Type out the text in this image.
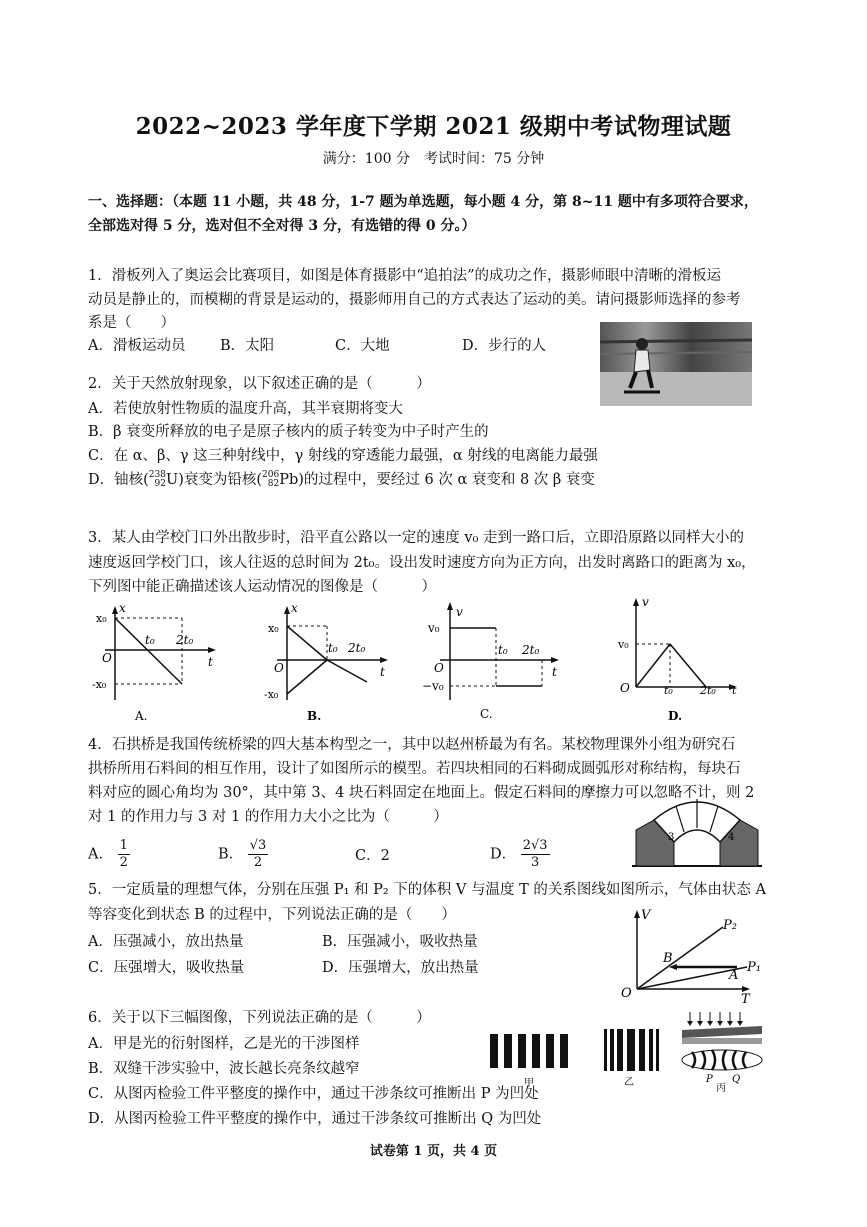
2022~2023 学年度下学期 2021 级期中考试物理试题
满分：100 分　考试时间：75 分钟
一、选择题：（本题 11 小题，共 48 分，1-7 题为单选题，每小题 4 分，第 8~11 题中有多项符合要求，
全部选对得 5 分，选对但不全对得 3 分，有选错的得 0 分。）
1．滑板列入了奥运会比赛项目，如图是体育摄影中“追拍法”的成功之作，摄影师眼中清晰的滑板运
动员是静止的，而模糊的背景是运动的，摄影师用自己的方式表达了运动的美。请问摄影师选择的参考
系是（　　）
A．滑板运动员 B．太阳	C．大地	D．步行的人
2．关于天然放射现象，以下叙述正确的是（　　　）
A．若使放射性物质的温度升高，其半衰期将变大
B．β 衰变所释放的电子是原子核内的质子转变为中子时产生的
C．在 α、β、γ 这三种射线中，γ 射线的穿透能力最强，α 射线的电离能力最强
D．铀核(238
92U)衰变为铅核(206
82Pb)的过程中，要经过 6 次 α 衰变和 8 次 β 衰变
3．某人由学校门口外出散步时，沿平直公路以一定的速度 v₀ 走到一路口后，立即沿原路以同样大小的
速度返回学校门口，该人往返的总时间为 2t₀。设出发时速度方向为正方向，出发时离路口的距离为 x₀，
下列图中能正确描述该人运动情况的图像是（　　　）
x
x₀
-x₀
O
t₀ 2t₀
t
A.
x
x₀
-x₀
O
t₀ 2t₀
t
B.
v
v₀
−v₀
O
t₀ 2t₀
t
C.
v
v₀
O	t₀ 2t₀ t
D.
4．石拱桥是我国传统桥梁的四大基本构型之一，其中以赵州桥最为有名。某校物理课外小组为研究石
拱桥所用石料间的相互作用，设计了如图所示的模型。若四块相同的石料砌成圆弧形对称结构，每块石
料对应的圆心角均为 30°，其中第 3、4 块石料固定在地面上。假定石料间的摩擦力可以忽略不计，则 2
对 1 的作用力与 3 对 1 的作用力大小之比为（　　　）
A． $\frac{1}{2}$	B． $\frac{√3}{2}$	C．2	D． $\frac{2√3}{3}$
3	4
5．一定质量的理想气体，分别在压强 P₁ 和 P₂ 下的体积 V 与温度 T 的关系图线如图所示，气体由状态 A
等容变化到状态 B 的过程中，下列说法正确的是（　　）
A．压强减小，放出热量	B．压强减小，吸收热量
C．压强增大，吸收热量	D．压强增大，放出热量
V
O	T
P₂
P₁
B
A
6．关于以下三幅图像，下列说法正确的是（　　　）
A．甲是光的衍射图样，乙是光的干涉图样
B．双缝干涉实验中，波长越长亮条纹越窄
C．从图丙检验工件平整度的操作中，通过干涉条纹可推断出 P 为凹处
D．从图丙检验工件平整度的操作中，通过干涉条纹可推断出 Q 为凹处
甲	乙	P Q
丙
试卷第 1 页，共 4 页
